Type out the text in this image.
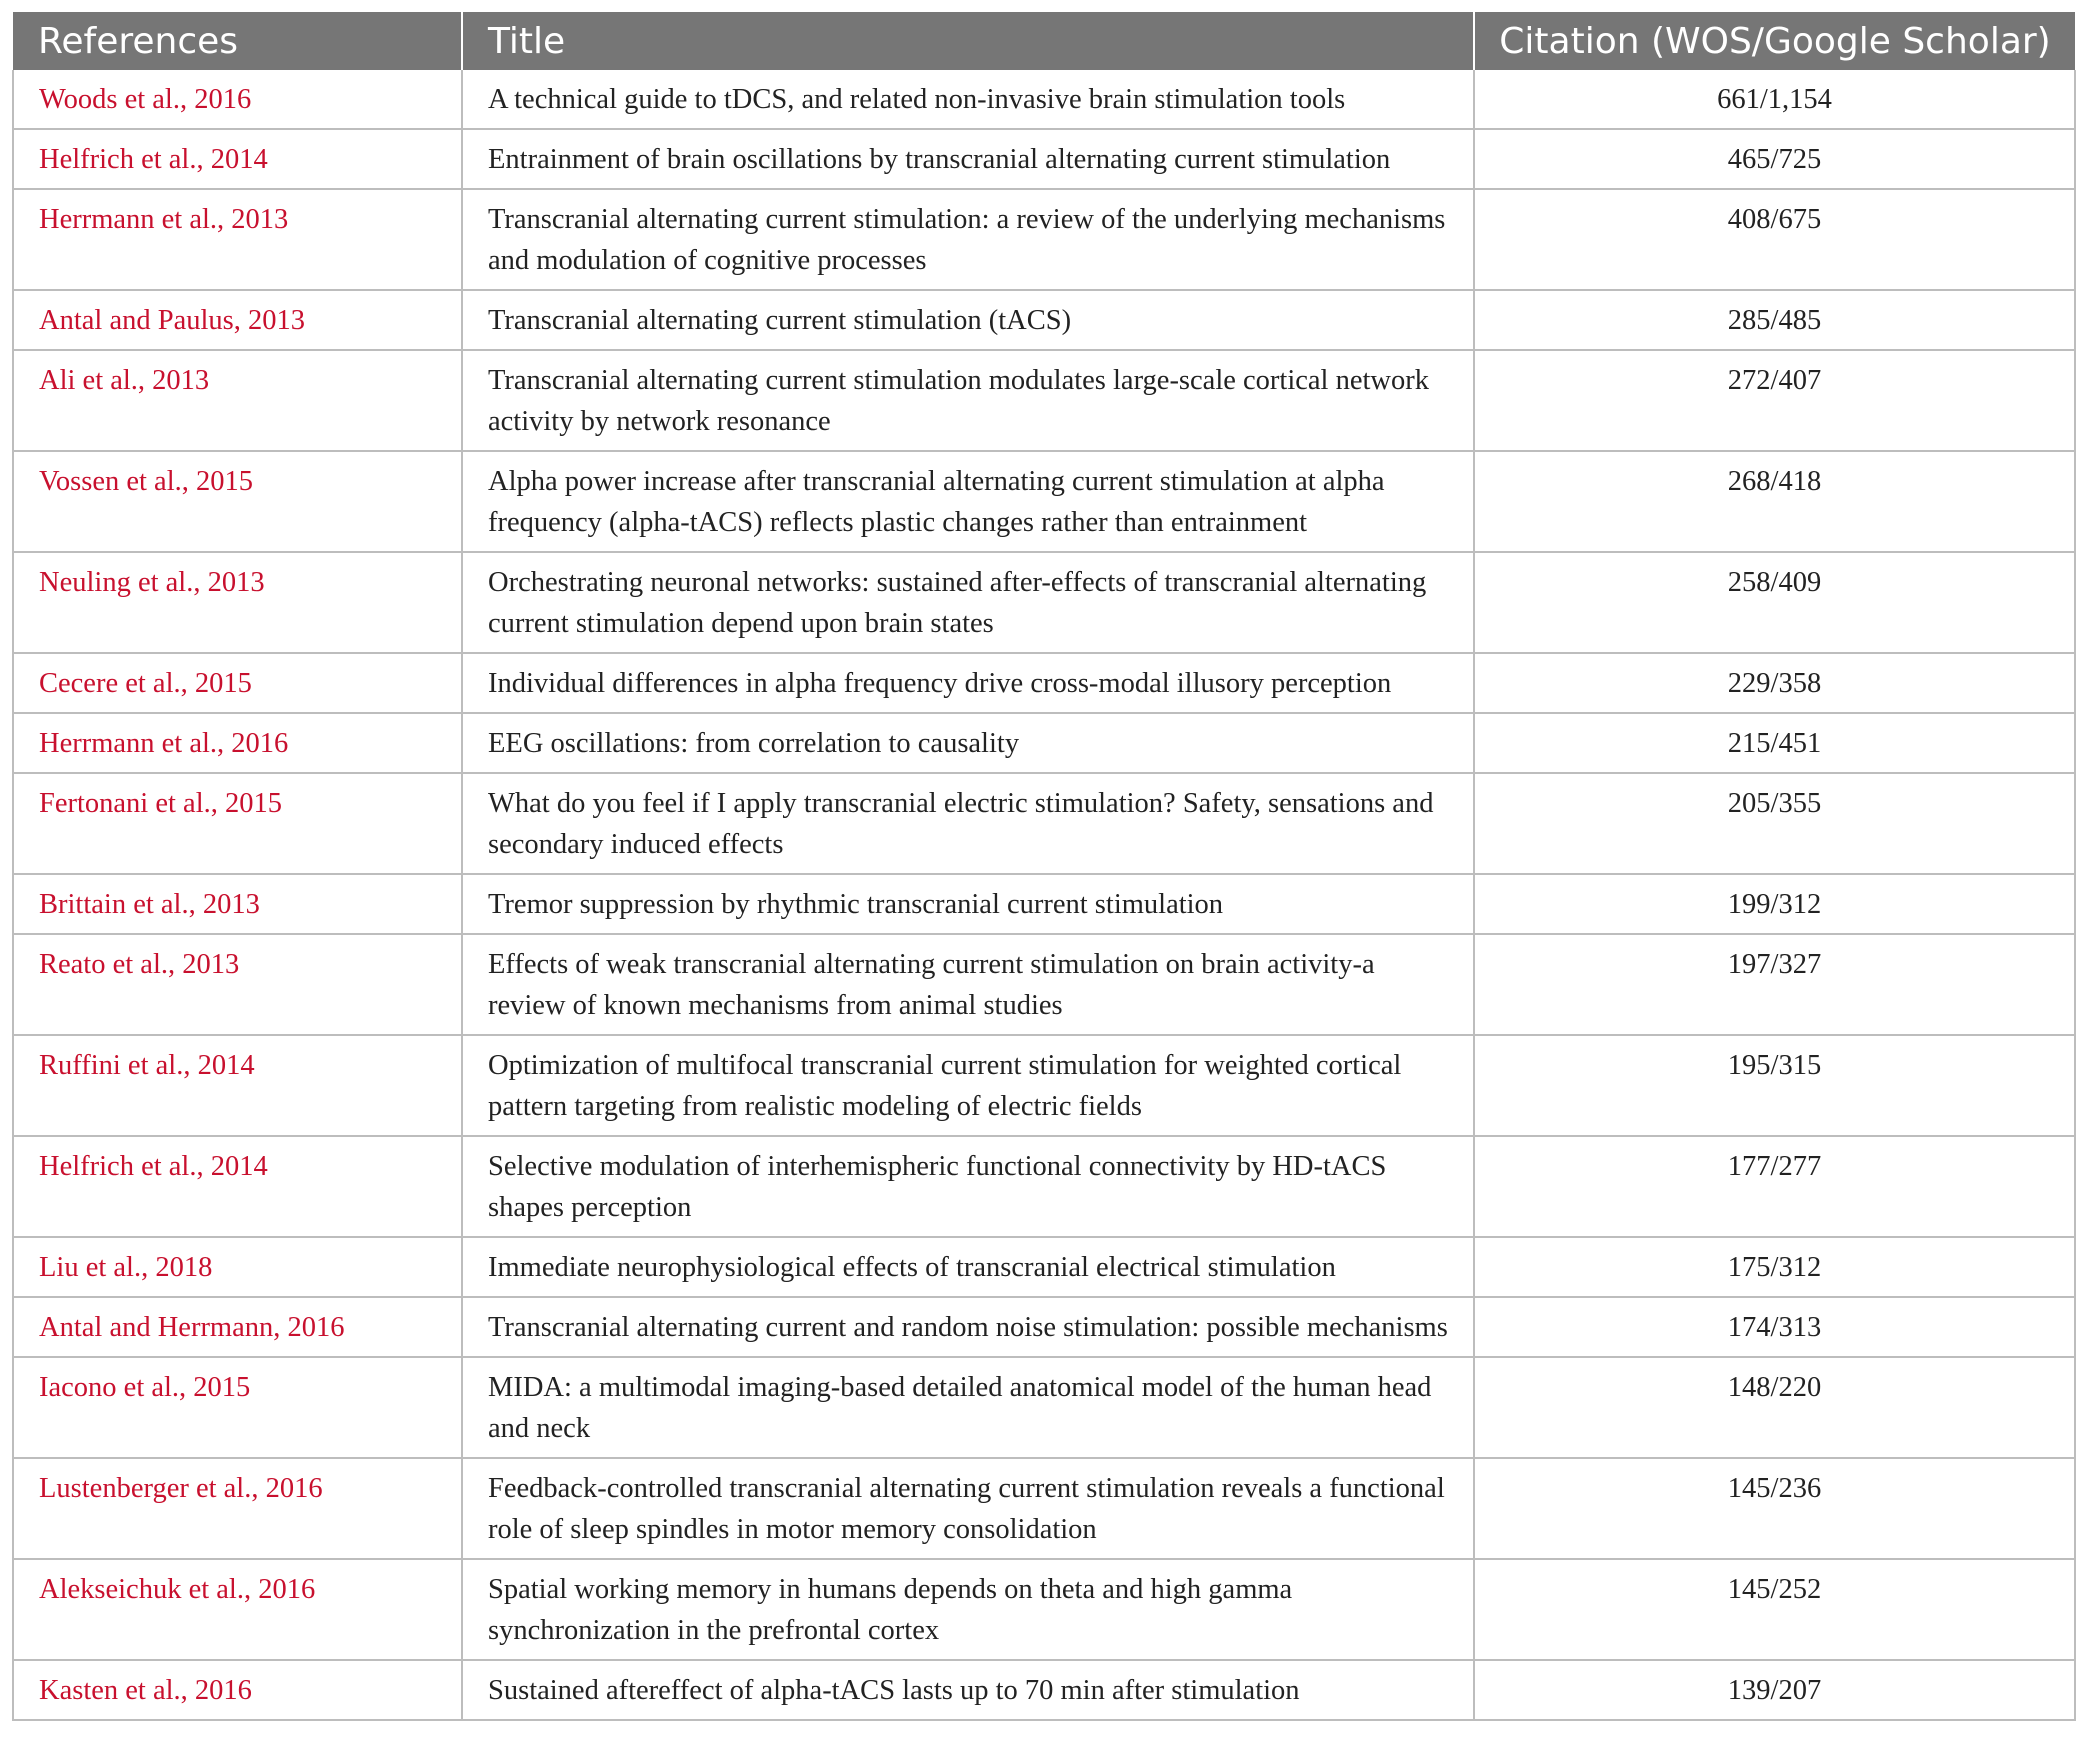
References	Title	Citation (WOS/Google Scholar)
Woods et al., 2016	A technical guide to tDCS, and related non-invasive brain stimulation tools	661/1,154
Helfrich et al., 2014	Entrainment of brain oscillations by transcranial alternating current stimulation	465/725
Herrmann et al., 2013	Transcranial alternating current stimulation: a review of the underlying mechanisms and modulation of cognitive processes	408/675
Antal and Paulus, 2013	Transcranial alternating current stimulation (tACS)	285/485
Ali et al., 2013	Transcranial alternating current stimulation modulates large-scale cortical network activity by network resonance	272/407
Vossen et al., 2015	Alpha power increase after transcranial alternating current stimulation at alpha frequency (alpha-tACS) reflects plastic changes rather than entrainment	268/418
Neuling et al., 2013	Orchestrating neuronal networks: sustained after-effects of transcranial alternating current stimulation depend upon brain states	258/409
Cecere et al., 2015	Individual differences in alpha frequency drive cross-modal illusory perception	229/358
Herrmann et al., 2016	EEG oscillations: from correlation to causality	215/451
Fertonani et al., 2015	What do you feel if I apply transcranial electric stimulation? Safety, sensations and secondary induced effects	205/355
Brittain et al., 2013	Tremor suppression by rhythmic transcranial current stimulation	199/312
Reato et al., 2013	Effects of weak transcranial alternating current stimulation on brain activity-a review of known mechanisms from animal studies	197/327
Ruffini et al., 2014	Optimization of multifocal transcranial current stimulation for weighted cortical pattern targeting from realistic modeling of electric fields	195/315
Helfrich et al., 2014	Selective modulation of interhemispheric functional connectivity by HD-tACS shapes perception	177/277
Liu et al., 2018	Immediate neurophysiological effects of transcranial electrical stimulation	175/312
Antal and Herrmann, 2016	Transcranial alternating current and random noise stimulation: possible mechanisms	174/313
Iacono et al., 2015	MIDA: a multimodal imaging-based detailed anatomical model of the human head and neck	148/220
Lustenberger et al., 2016	Feedback-controlled transcranial alternating current stimulation reveals a functional role of sleep spindles in motor memory consolidation	145/236
Alekseichuk et al., 2016	Spatial working memory in humans depends on theta and high gamma synchronization in the prefrontal cortex	145/252
Kasten et al., 2016	Sustained aftereffect of alpha-tACS lasts up to 70 min after stimulation	139/207
